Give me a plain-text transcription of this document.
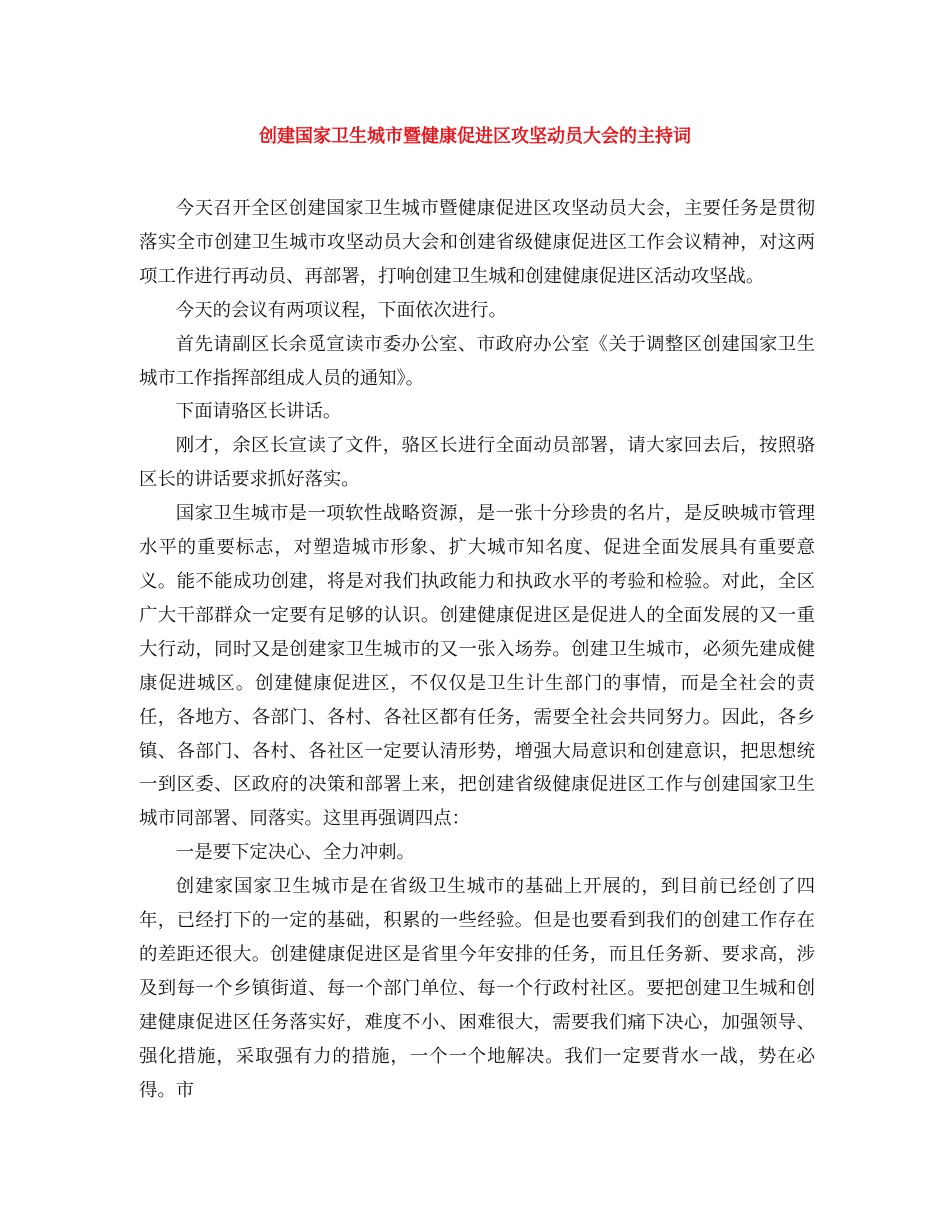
创建国家卫生城市暨健康促进区攻坚动员大会的主持词

今天召开全区创建国家卫生城市暨健康促进区攻坚动员大会，主要任务是贯彻落实全市创建卫生城市攻坚动员大会和创建省级健康促进区工作会议精神，对这两项工作进行再动员、再部署，打响创建卫生城和创建健康促进区活动攻坚战。

今天的会议有两项议程，下面依次进行。

首先请副区长余觅宣读市委办公室、市政府办公室《关于调整区创建国家卫生城市工作指挥部组成人员的通知》。

下面请骆区长讲话。

刚才，余区长宣读了文件，骆区长进行全面动员部署，请大家回去后，按照骆区长的讲话要求抓好落实。

国家卫生城市是一项软性战略资源，是一张十分珍贵的名片，是反映城市管理水平的重要标志，对塑造城市形象、扩大城市知名度、促进全面发展具有重要意义。能不能成功创建，将是对我们执政能力和执政水平的考验和检验。对此，全区广大干部群众一定要有足够的认识。创建健康促进区是促进人的全面发展的又一重大行动，同时又是创建家卫生城市的又一张入场券。创建卫生城市，必须先建成健康促进城区。创建健康促进区，不仅仅是卫生计生部门的事情，而是全社会的责任，各地方、各部门、各村、各社区都有任务，需要全社会共同努力。因此，各乡镇、各部门、各村、各社区一定要认清形势，增强大局意识和创建意识，把思想统一到区委、区政府的决策和部署上来，把创建省级健康促进区工作与创建国家卫生城市同部署、同落实。这里再强调四点：

一是要下定决心、全力冲刺。

创建家国家卫生城市是在省级卫生城市的基础上开展的，到目前已经创了四年，已经打下的一定的基础，积累的一些经验。但是也要看到我们的创建工作存在的差距还很大。创建健康促进区是省里今年安排的任务，而且任务新、要求高，涉及到每一个乡镇街道、每一个部门单位、每一个行政村社区。要把创建卫生城和创建健康促进区任务落实好，难度不小、困难很大，需要我们痛下决心，加强领导、强化措施，采取强有力的措施，一个一个地解决。我们一定要背水一战，势在必得。市
